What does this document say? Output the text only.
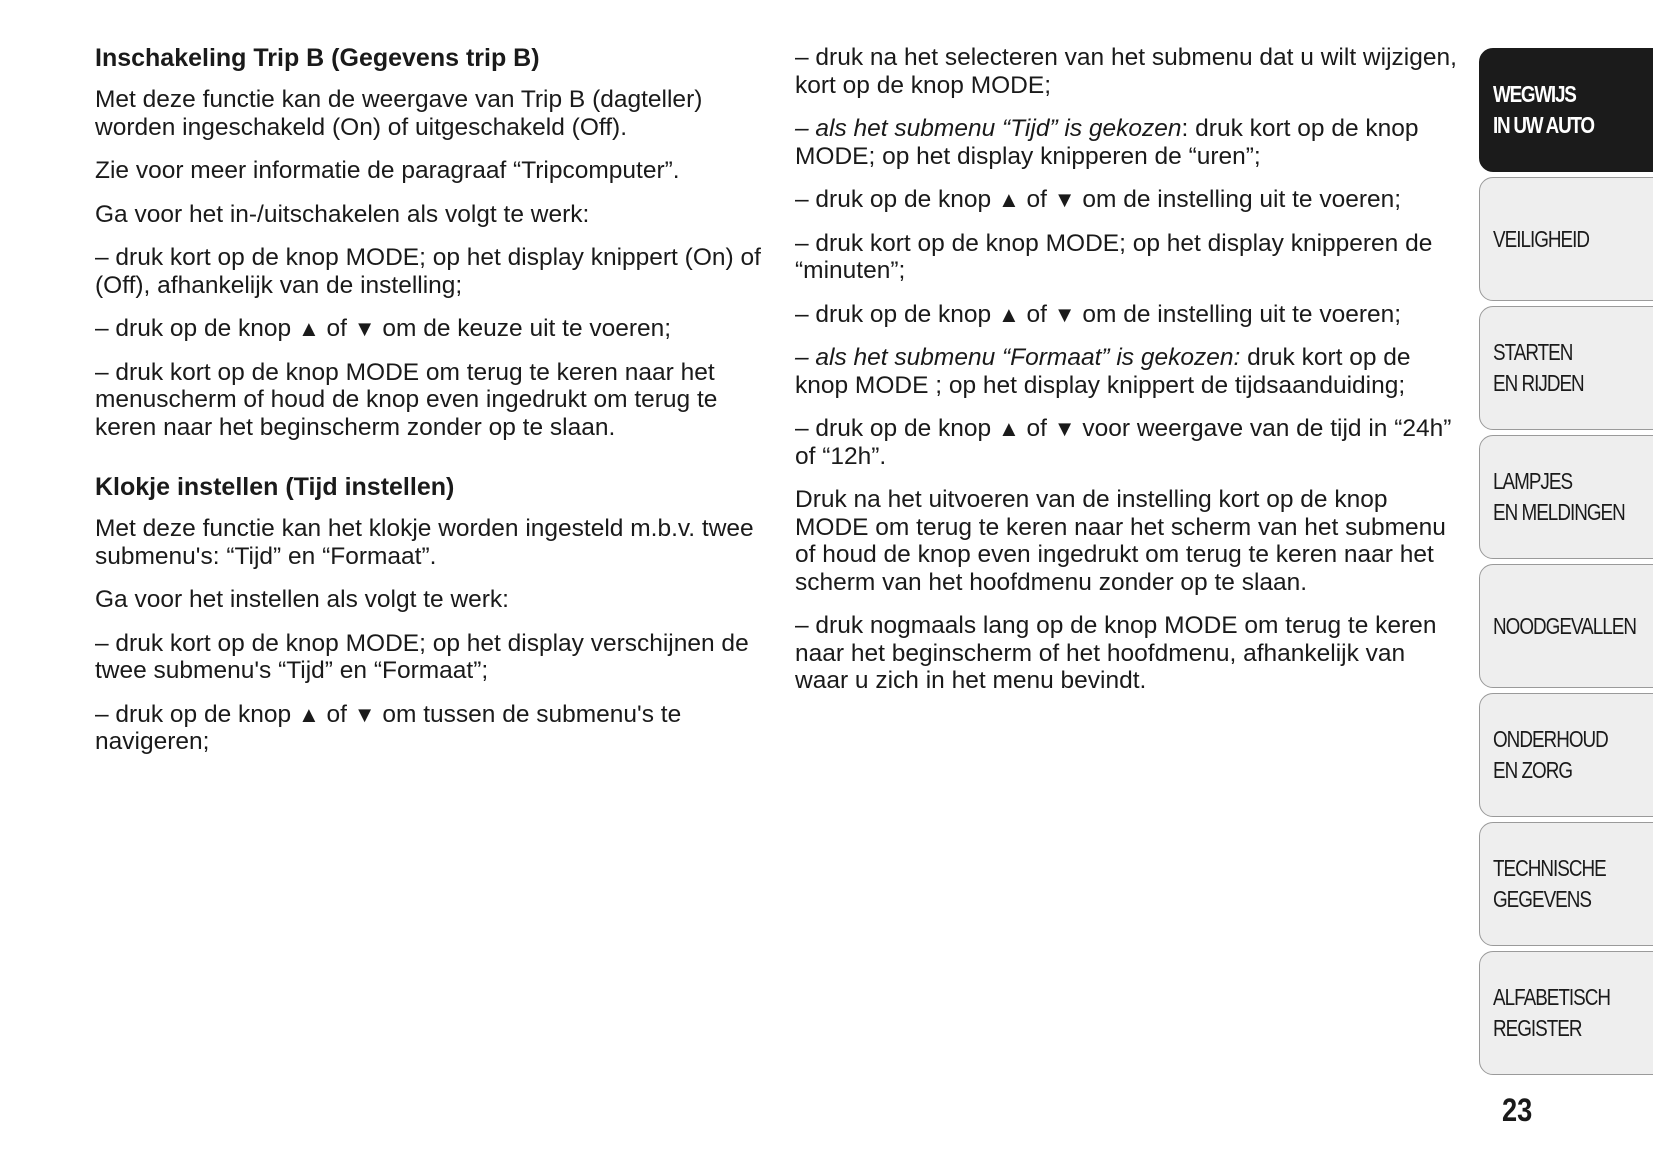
Inschakeling Trip B (Gegevens trip B)

Met deze functie kan de weergave van Trip B (dagteller) worden ingeschakeld (On) of uitgeschakeld (Off).

Zie voor meer informatie de paragraaf “Tripcomputer”.

Ga voor het in-/uitschakelen als volgt te werk:

– druk kort op de knop MODE; op het display knippert (On) of (Off), afhankelijk van de instelling;

– druk op de knop ▲ of ▼ om de keuze uit te voeren;

– druk kort op de knop MODE om terug te keren naar het menuscherm of houd de knop even ingedrukt om terug te keren naar het beginscherm zonder op te slaan.

Klokje instellen (Tijd instellen)

Met deze functie kan het klokje worden ingesteld m.b.v. twee submenu's: “Tijd” en “Formaat”.

Ga voor het instellen als volgt te werk:

– druk kort op de knop MODE; op het display verschijnen de twee submenu's “Tijd” en “Formaat”;

– druk op de knop ▲ of ▼ om tussen de submenu's te navigeren;

– druk na het selecteren van het submenu dat u wilt wijzigen, kort op de knop MODE;

– als het submenu “Tijd” is gekozen: druk kort op de knop MODE; op het display knipperen de “uren”;

– druk op de knop ▲ of ▼ om de instelling uit te voeren;

– druk kort op de knop MODE; op het display knipperen de “minuten”;

– druk op de knop ▲ of ▼ om de instelling uit te voeren;

– als het submenu “Formaat” is gekozen: druk kort op de knop MODE ; op het display knippert de tijdsaanduiding;

– druk op de knop ▲ of ▼ voor weergave van de tijd in “24h” of “12h”.

Druk na het uitvoeren van de instelling kort op de knop MODE om terug te keren naar het scherm van het submenu of houd de knop even ingedrukt om terug te keren naar het scherm van het hoofdmenu zonder op te slaan.

– druk nogmaals lang op de knop MODE om terug te keren naar het beginscherm of het hoofdmenu, afhankelijk van waar u zich in het menu bevindt.

WEGWIJS
IN UW AUTO
VEILIGHEID
STARTEN
EN RIJDEN
LAMPJES
EN MELDINGEN
NOODGEVALLEN
ONDERHOUD
EN ZORG
TECHNISCHE
GEGEVENS
ALFABETISCH
REGISTER
23
